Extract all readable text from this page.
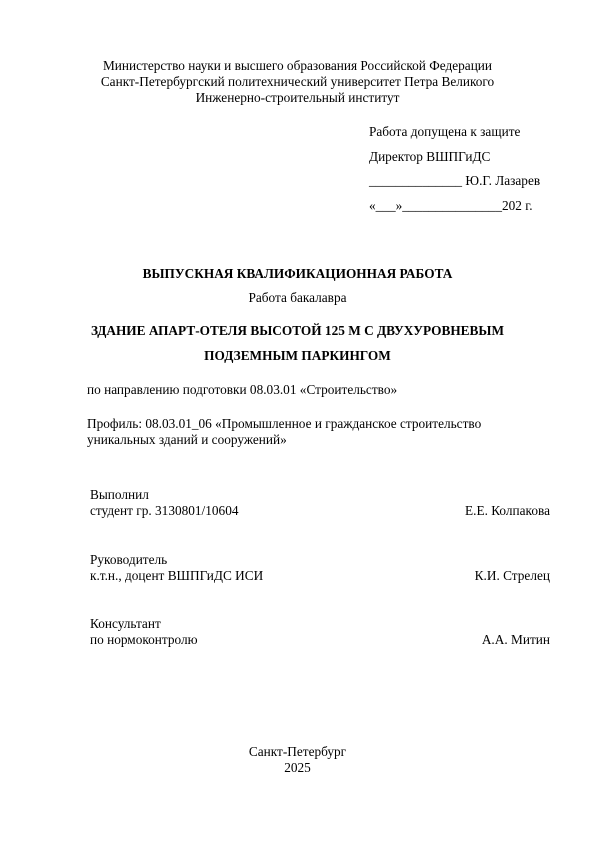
Министерство науки и высшего образования Российской Федерации
Санкт-Петербургский политехнический университет Петра Великого
Инженерно-строительный институт
Работа допущена к защите
Директор ВШПГиДС
______________ Ю.Г. Лазарев
«___»_______________202 г.
ВЫПУСКНАЯ КВАЛИФИКАЦИОННАЯ РАБОТА
Работа бакалавра
ЗДАНИЕ АПАРТ-ОТЕЛЯ ВЫСОТОЙ 125 М С ДВУХУРОВНЕВЫМ
ПОДЗЕМНЫМ ПАРКИНГОМ
по направлению подготовки 08.03.01 «Строительство»
Профиль: 08.03.01_06 «Промышленное и гражданское строительство
уникальных зданий и сооружений»
Выполнил
студент гр. 3130801/10604	Е.Е. Колпакова
Руководитель
к.т.н., доцент ВШПГиДС ИСИ	К.И. Стрелец
Консультант
по нормоконтролю	А.А. Митин
Санкт-Петербург
2025
